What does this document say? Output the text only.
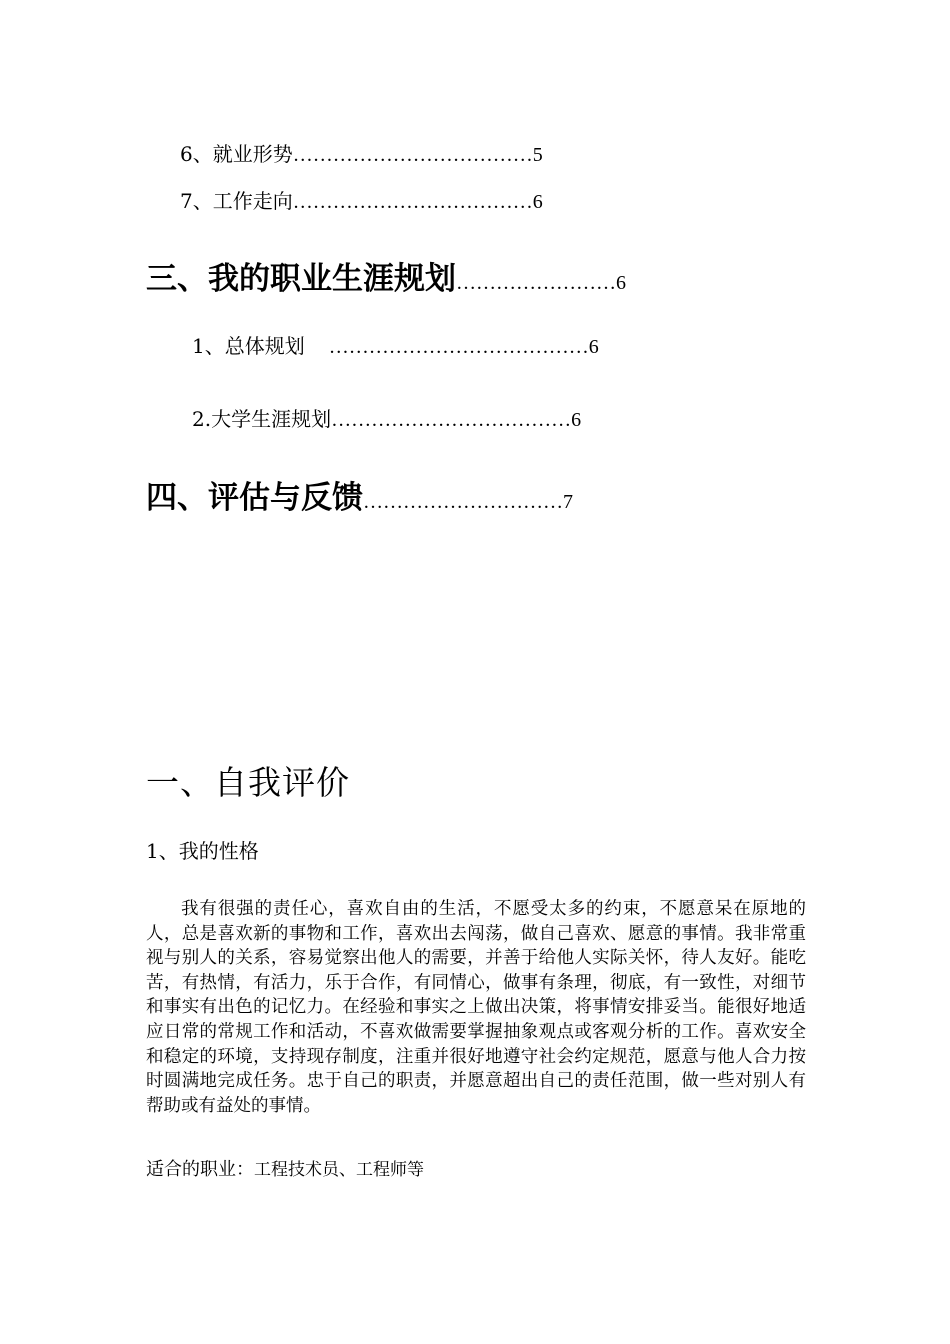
6、就业形势………………………………5
7、工作走向………………………………6
三、我的职业生涯规划……………………6
1、总体规划 …………………………………6
2.大学生涯规划………………………………6
四、评估与反馈…………………………7
一、自我评价
1、我的性格

我有很强的责任心，喜欢自由的生活，不愿受太多的约束，不愿意呆在原地的人，总是喜欢新的事物和工作，喜欢出去闯荡，做自己喜欢、愿意的事情。我非常重视与别人的关系，容易觉察出他人的需要，并善于给他人实际关怀，待人友好。能吃苦，有热情，有活力，乐于合作，有同情心，做事有条理，彻底，有一致性，对细节和事实有出色的记忆力。在经验和事实之上做出决策，将事情安排妥当。能很好地适应日常的常规工作和活动，不喜欢做需要掌握抽象观点或客观分析的工作。喜欢安全和稳定的环境，支持现存制度，注重并很好地遵守社会约定规范，愿意与他人合力按时圆满地完成任务。忠于自己的职责，并愿意超出自己的责任范围，做一些对别人有帮助或有益处的事情。

适合的职业：工程技术员、工程师等
